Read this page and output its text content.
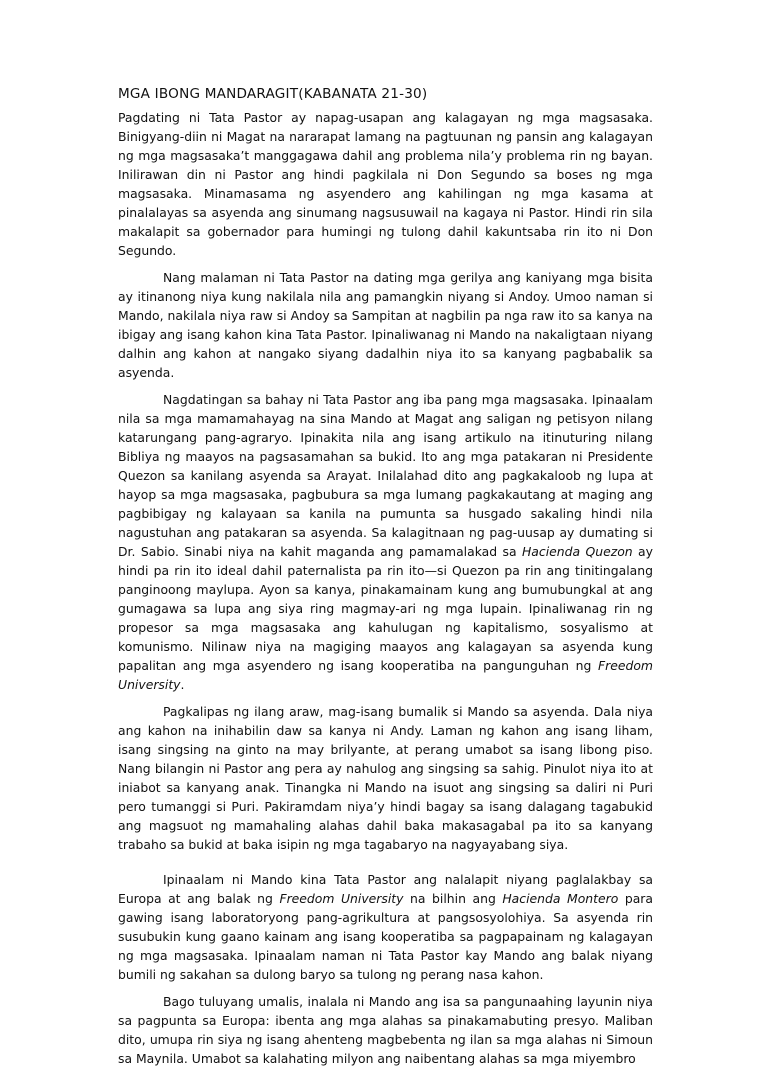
MGA IBONG MANDARAGIT(KABANATA 21-30)

Pagdating ni Tata Pastor ay napag-usapan ang kalagayan ng mga magsasaka. Binigyang-diin ni Magat na nararapat lamang na pagtuunan ng pansin ang kalagayan ng mga magsasaka’t manggagawa dahil ang problema nila’y problema rin ng bayan. Inilirawan din ni Pastor ang hindi pagkilala ni Don Segundo sa boses ng mga magsasaka. Minamasama ng asyendero ang kahilingan ng mga kasama at pinalalayas sa asyenda ang sinumang nagsusuwail na kagaya ni Pastor. Hindi rin sila makalapit sa gobernador para humingi ng tulong dahil kakuntsaba rin ito ni Don Segundo.

Nang malaman ni Tata Pastor na dating mga gerilya ang kaniyang mga bisita ay itinanong niya kung nakilala nila ang pamangkin niyang si Andoy. Umoo naman si Mando, nakilala niya raw si Andoy sa Sampitan at nagbilin pa nga raw ito sa kanya na ibigay ang isang kahon kina Tata Pastor. Ipinaliwanag ni Mando na nakaligtaan niyang dalhin ang kahon at nangako siyang dadalhin niya ito sa kanyang pagbabalik sa asyenda.

Nagdatingan sa bahay ni Tata Pastor ang iba pang mga magsasaka. Ipinaalam nila sa mga mamamahayag na sina Mando at Magat ang saligan ng petisyon nilang katarungang pang-agraryo. Ipinakita nila ang isang artikulo na itinuturing nilang Bibliya ng maayos na pagsasamahan sa bukid. Ito ang mga patakaran ni Presidente Quezon sa kanilang asyenda sa Arayat. Inilalahad dito ang pagkakaloob ng lupa at hayop sa mga magsasaka, pagbubura sa mga lumang pagkakautang at maging ang pagbibigay ng kalayaan sa kanila na pumunta sa husgado sakaling hindi nila nagustuhan ang patakaran sa asyenda. Sa kalagitnaan ng pag-uusap ay dumating si Dr. Sabio. Sinabi niya na kahit maganda ang pamamalakad sa Hacienda Quezon ay hindi pa rin ito ideal dahil paternalista pa rin ito—si Quezon pa rin ang tinitingalang panginoong maylupa. Ayon sa kanya, pinakamainam kung ang bumubungkal at ang gumagawa sa lupa ang siya ring magmay-ari ng mga lupain. Ipinaliwanag rin ng propesor sa mga magsasaka ang kahulugan ng kapitalismo, sosyalismo at komunismo. Nilinaw niya na magiging maayos ang kalagayan sa asyenda kung papalitan ang mga asyendero ng isang kooperatiba na pangunguhan ng Freedom University.

Pagkalipas ng ilang araw, mag-isang bumalik si Mando sa asyenda. Dala niya ang kahon na inihabilin daw sa kanya ni Andy. Laman ng kahon ang isang liham, isang singsing na ginto na may brilyante, at perang umabot sa isang libong piso. Nang bilangin ni Pastor ang pera ay nahulog ang singsing sa sahig. Pinulot niya ito at iniabot sa kanyang anak. Tinangka ni Mando na isuot ang singsing sa daliri ni Puri pero tumanggi si Puri. Pakiramdam niya’y hindi bagay sa isang dalagang tagabukid ang magsuot ng mamahaling alahas dahil baka makasagabal pa ito sa kanyang trabaho sa bukid at baka isipin ng mga tagabaryo na nagyayabang siya.

Ipinaalam ni Mando kina Tata Pastor ang nalalapit niyang paglalakbay sa Europa at ang balak ng Freedom University na bilhin ang Hacienda Montero para gawing isang laboratoryong pang-agrikultura at pangsosyolohiya. Sa asyenda rin susubukin kung gaano kainam ang isang kooperatiba sa pagpapainam ng kalagayan ng mga magsasaka. Ipinaalam naman ni Tata Pastor kay Mando ang balak niyang bumili ng sakahan sa dulong baryo sa tulong ng perang nasa kahon.

Bago tuluyang umalis, inalala ni Mando ang isa sa pangunaahing layunin niya sa pagpunta sa Europa: ibenta ang mga alahas sa pinakamabuting presyo. Maliban dito, umupa rin siya ng isang ahenteng magbebenta ng ilan sa mga alahas ni Simoun sa Maynila. Umabot sa kalahating milyon ang naibentang alahas sa mga miyembro
